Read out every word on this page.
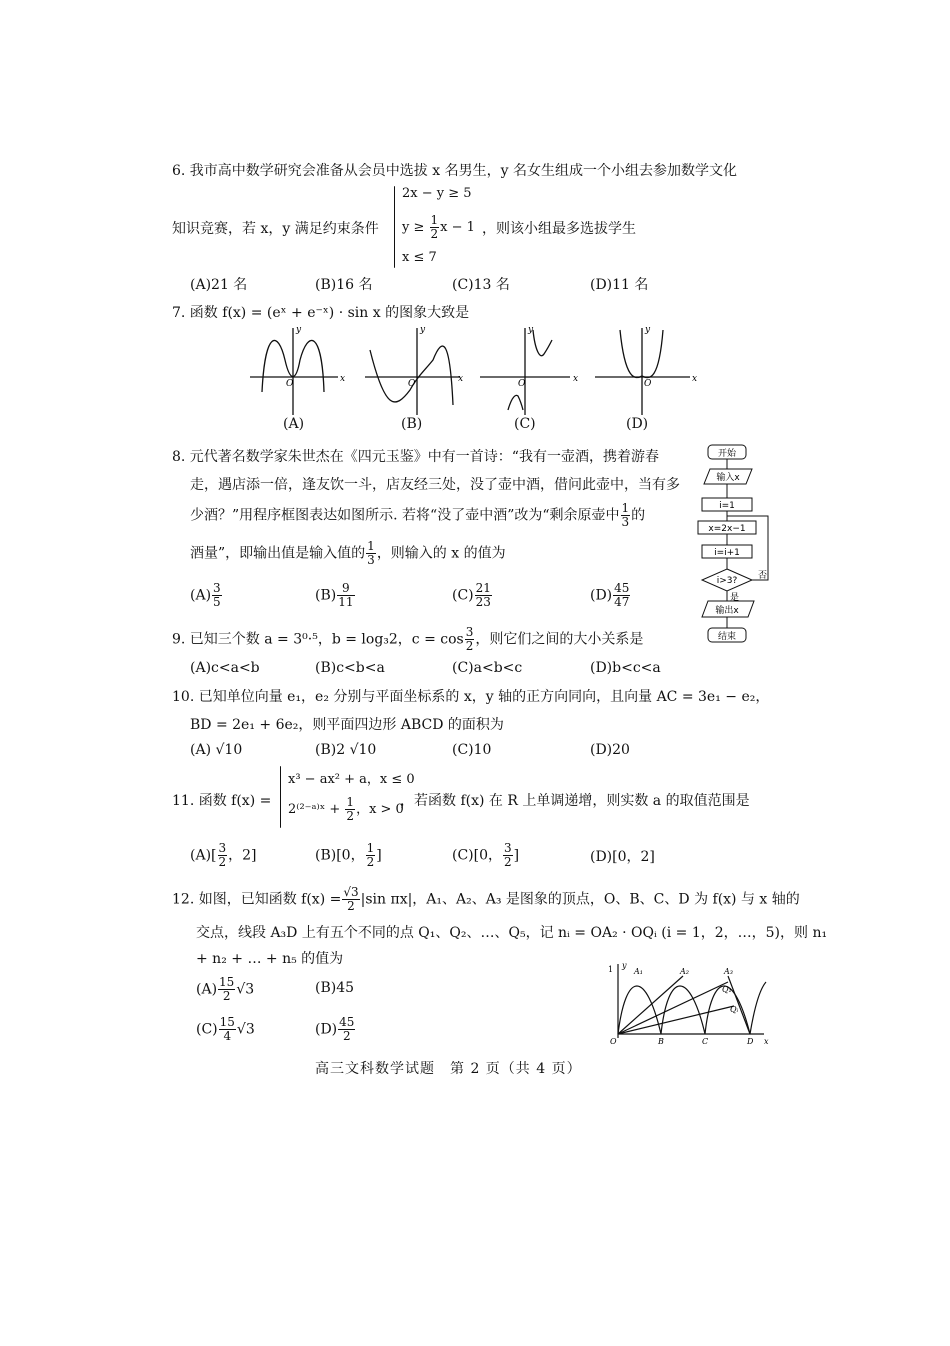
6. 我市高中数学研究会准备从会员中选拔 x 名男生，y 名女生组成一个小组去参加数学文化
知识竞赛，若 x，y 满足约束条件
2x − y ≥ 5
$y \ge \frac{1}{2}$ x − 1
x ≤ 7
，则该小组最多选拔学生
(A)21 名	(B)16 名	(C)13 名	(D)11 名
7. 函数 f(x) = (eˣ + e⁻ˣ) · sin x 的图象大致是
x
y
O	x
y
O	x
y
O	x
y
O
(A)	(B)	(C)	(D)
8. 元代著名数学家朱世杰在《四元玉鉴》中有一首诗：“我有一壶酒，携着游春
走，遇店添一倍，逢友饮一斗，店友经三处，没了壶中酒，借问此壶中，当有多
少酒？”用程序框图表达如图所示. 若将“没了壶中酒”改为“剩余原壶中 $\frac{1}{3}$ 的
酒量”，即输出值是输入值的 $\frac{1}{3}$ ，则输入的 x 的值为
$(A) \frac{3}{5}$	$(B) \frac{9}{11}$	$(C) \frac{21}{23}$	$(D) \frac{45}{47}$
开始
输入x
i=1
x=2x−1
i=i+1
i>3? 否
是
输出x
结束
9. 已知三个数 a = 3⁰·⁵，b = log₃2，$c = \cos \frac{3}{2}$ ，则它们之间的大小关系是
(A)c<a<b	(B)c<b<a	(C)a<b<c	(D)b<c<a
10. 已知单位向量 e₁，e₂ 分别与平面坐标系的 x，y 轴的正方向同向，且向量 AC = 3e₁ − e₂，
BD = 2e₁ + 6e₂，则平面四边形 ABCD 的面积为
(A) √10	(B)2 √10	(C)10	(D)20
11. 函数 f(x) =
x³ − ax² + a，x ≤ 0
2⁽²⁻ᵃ⁾ˣ + $\frac{1}{2}$ ，x > 0
，若函数 f(x) 在 R 上单调递增，则实数 a 的取值范围是
$(A)[ \frac{3}{2}$ ，2]	(B)[0， $\frac{1}{2}$ ]	(C)[0， $\frac{3}{2}$ ]	(D)[0，2]
12. 如图，已知函数 $f(x) = \frac{√3}{2} |\sin$ πx|，A₁、A₂、A₃ 是图象的顶点，O、B、C、D 为 f(x) 与 x 轴的
交点，线段 A₃D 上有五个不同的点 Q₁、Q₂、…、Q₅，记 nᵢ = OA₂ · OQᵢ (i = 1，2，…，5)，则 n₁
+ n₂ + … + n₅ 的值为
$(A) \frac{15}{2} √3$	(B)45
$(C) \frac{15}{4} √3$	$(D) \frac{45}{2}$
1 y
A₁	A₂	A₃
Q₁
Qᵢ
O	B	C	D x
高三文科数学试题　第 2 页（共 4 页）
